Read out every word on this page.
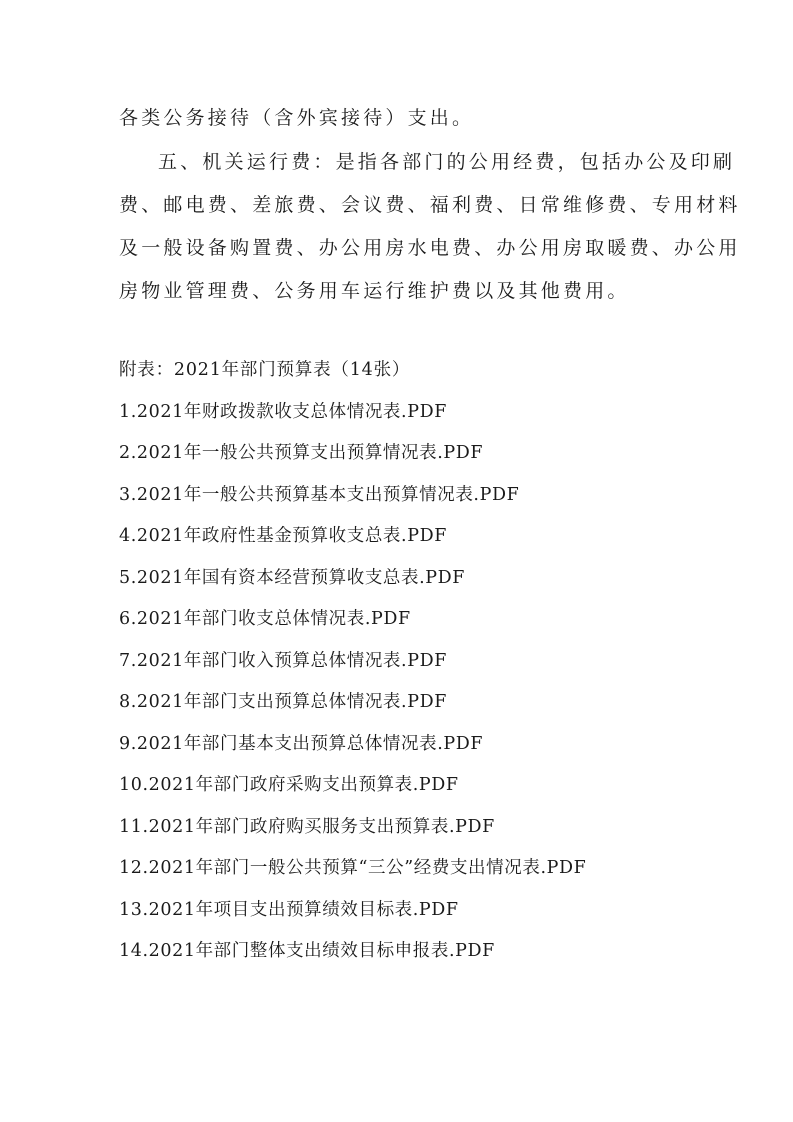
各类公务接待（含外宾接待）支出。
五、机关运行费：是指各部门的公用经费，包括办公及印刷
费、邮电费、差旅费、会议费、福利费、日常维修费、专用材料
及一般设备购置费、办公用房水电费、办公用房取暖费、办公用
房物业管理费、公务用车运行维护费以及其他费用。
附表：2021年部门预算表（14张）
1.2021年财政拨款收支总体情况表.PDF
2.2021年一般公共预算支出预算情况表.PDF
3.2021年一般公共预算基本支出预算情况表.PDF
4.2021年政府性基金预算收支总表.PDF
5.2021年国有资本经营预算收支总表.PDF
6.2021年部门收支总体情况表.PDF
7.2021年部门收入预算总体情况表.PDF
8.2021年部门支出预算总体情况表.PDF
9.2021年部门基本支出预算总体情况表.PDF
10.2021年部门政府采购支出预算表.PDF
11.2021年部门政府购买服务支出预算表.PDF
12.2021年部门一般公共预算“三公”经费支出情况表.PDF
13.2021年项目支出预算绩效目标表.PDF
14.2021年部门整体支出绩效目标申报表.PDF
